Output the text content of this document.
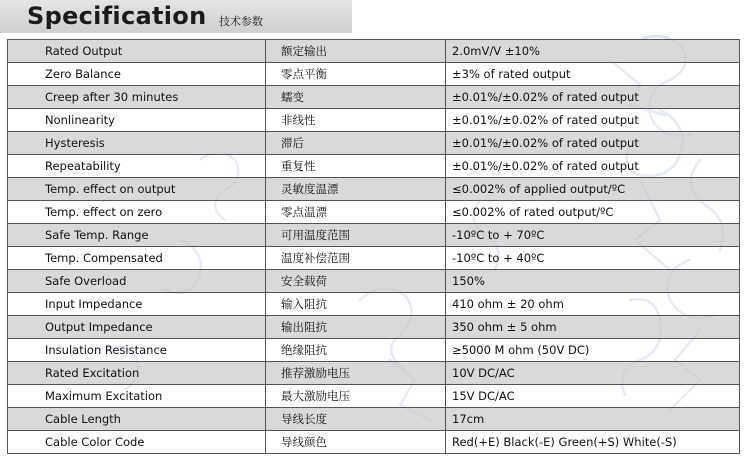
Specification 技术参数
Rated Output	额定输出	2.0mV/V ±10%
Zero Balance	零点平衡	±3% of rated output
Creep after 30 minutes	蠕变	±0.01%/±0.02% of rated output
Nonlinearity	非线性	±0.01%/±0.02% of rated output
Hysteresis	滞后	±0.01%/±0.02% of rated output
Repeatability	重复性	±0.01%/±0.02% of rated output
Temp. effect on output	灵敏度温漂	≤0.002% of applied output/ºC
Temp. effect on zero	零点温漂	≤0.002% of rated output/ºC
Safe Temp. Range	可用温度范围	-10ºC to + 70ºC
Temp. Compensated	温度补偿范围	-10ºC to + 40ºC
Safe Overload	安全载荷	150%
Input Impedance	输入阻抗	410 ohm ± 20 ohm
Output Impedance	输出阻抗	350 ohm ± 5 ohm
Insulation Resistance	绝缘阻抗	≥5000 M ohm (50V DC)
Rated Excitation	推荐激励电压	10V DC/AC
Maximum Excitation	最大激励电压	15V DC/AC
Cable Length	导线长度	17cm
Cable Color Code	导线颜色	Red(+E) Black(-E) Green(+S) White(-S)
